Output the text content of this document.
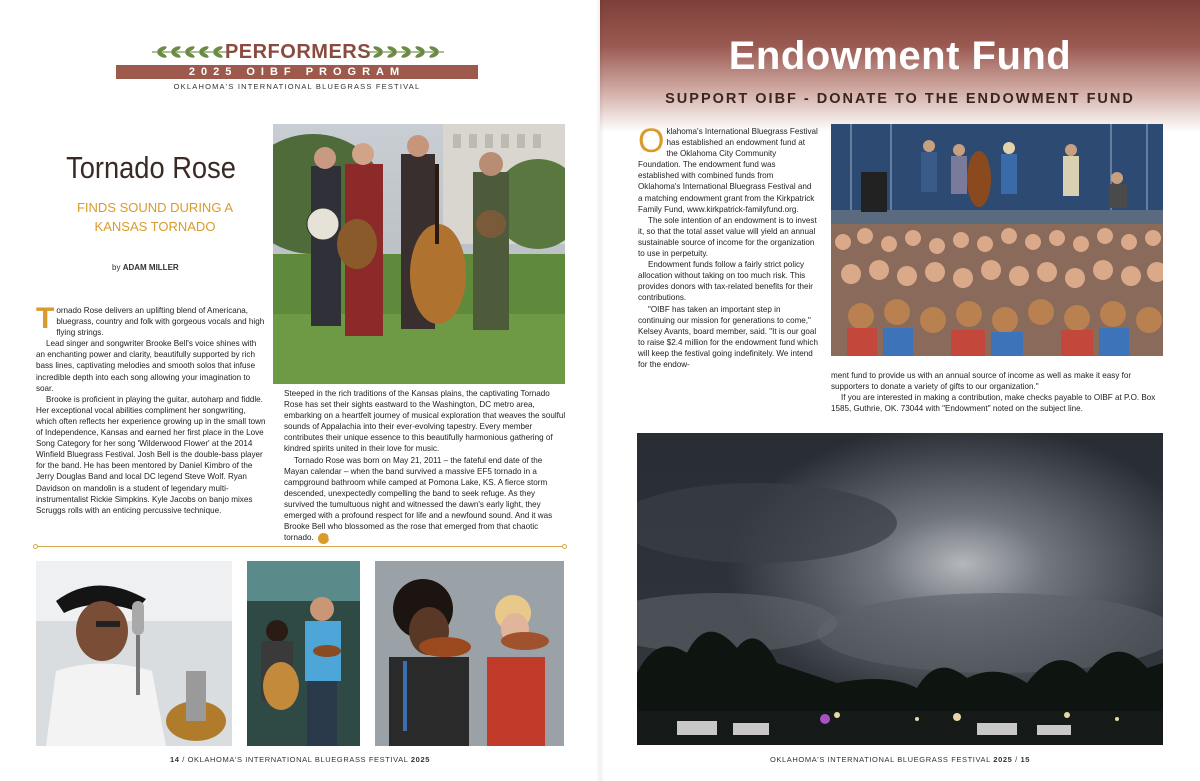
PERFORMERS
2025 OIBF PROGRAM
OKLAHOMA'S INTERNATIONAL BLUEGRASS FESTIVAL
Tornado Rose
FINDS SOUND DURING A KANSAS TORNADO
by ADAM MILLER

Tornado Rose delivers an uplifting blend of Americana, bluegrass, country and folk with gorgeous vocals and high flying strings.

Lead singer and songwriter Brooke Bell's voice shines with an enchanting power and clarity, beautifully supported by rich bass lines, captivating melodies and smooth solos that infuse incredible depth into each song allowing your imagination to soar.

Brooke is proficient in playing the guitar, autoharp and fiddle. Her exceptional vocal abilities compliment her songwriting, which often reflects her experience growing up in the small town of Independence, Kansas and earned her first place in the Love Song Category for her song 'Wilderwood Flower' at the 2014 Winfield Bluegrass Festival. Josh Bell is the double-bass player for the band. He has been mentored by Daniel Kimbro of the Jerry Douglas Band and local DC legend Steve Wolf. Ryan Davidson on mandolin is a student of legendary multi-instrumentalist Rickie Simpkins. Kyle Jacobs on banjo mixes Scruggs rolls with an enticing percussive technique.

Steeped in the rich traditions of the Kansas plains, the captivating Tornado Rose has set their sights eastward to the Washington, DC metro area, embarking on a heartfelt journey of musical exploration that weaves the soulful sounds of Appalachia into their ever-evolving tapestry. Every member contributes their unique essence to this beautifully harmonious gathering of kindred spirits united in their love for music.

Tornado Rose was born on May 21, 2011 – the fateful end date of the Mayan calendar – when the band survived a massive EF5 tornado in a campground bathroom while camped at Pomona Lake, KS. A fierce storm descended, unexpectedly compelling the band to seek refuge. As they survived the tumultuous night and witnessed the dawn's early light, they emerged with a profound respect for life and a newfound sound. And it was Brooke Bell who blossomed as the rose that emerged from that chaotic tornado.	BF

14 / OKLAHOMA'S INTERNATIONAL BLUEGRASS FESTIVAL 2025
Endowment Fund
SUPPORT OIBF - DONATE TO THE ENDOWMENT FUND

Oklahoma's International Bluegrass Festival has established an endowment fund at the Oklahoma City Community Foundation. The endowment fund was established with combined funds from Oklahoma's International Bluegrass Festival and a matching endowment grant from the Kirkpatrick Family Fund, www.kirkpatrick-familyfund.org.

The sole intention of an endowment is to invest it, so that the total asset value will yield an annual sustainable source of income for the organization to use in perpetuity.

Endowment funds follow a fairly strict policy allocation without taking on too much risk. This provides donors with tax-related benefits for their contributions.

"OIBF has taken an important step in continuing our mission for generations to come," Kelsey Avants, board member, said. "It is our goal to raise $2.4 million for the endowment fund which will keep the festival going indefinitely. We intend for the endow-

ment fund to provide us with an annual source of income as well as make it easy for supporters to donate a variety of gifts to our organization."

If you are interested in making a contribution, make checks payable to OIBF at P.O. Box 1585, Guthrie, OK. 73044 with "Endowment" noted on the subject line.

OKLAHOMA'S INTERNATIONAL BLUEGRASS FESTIVAL 2025 / 15
